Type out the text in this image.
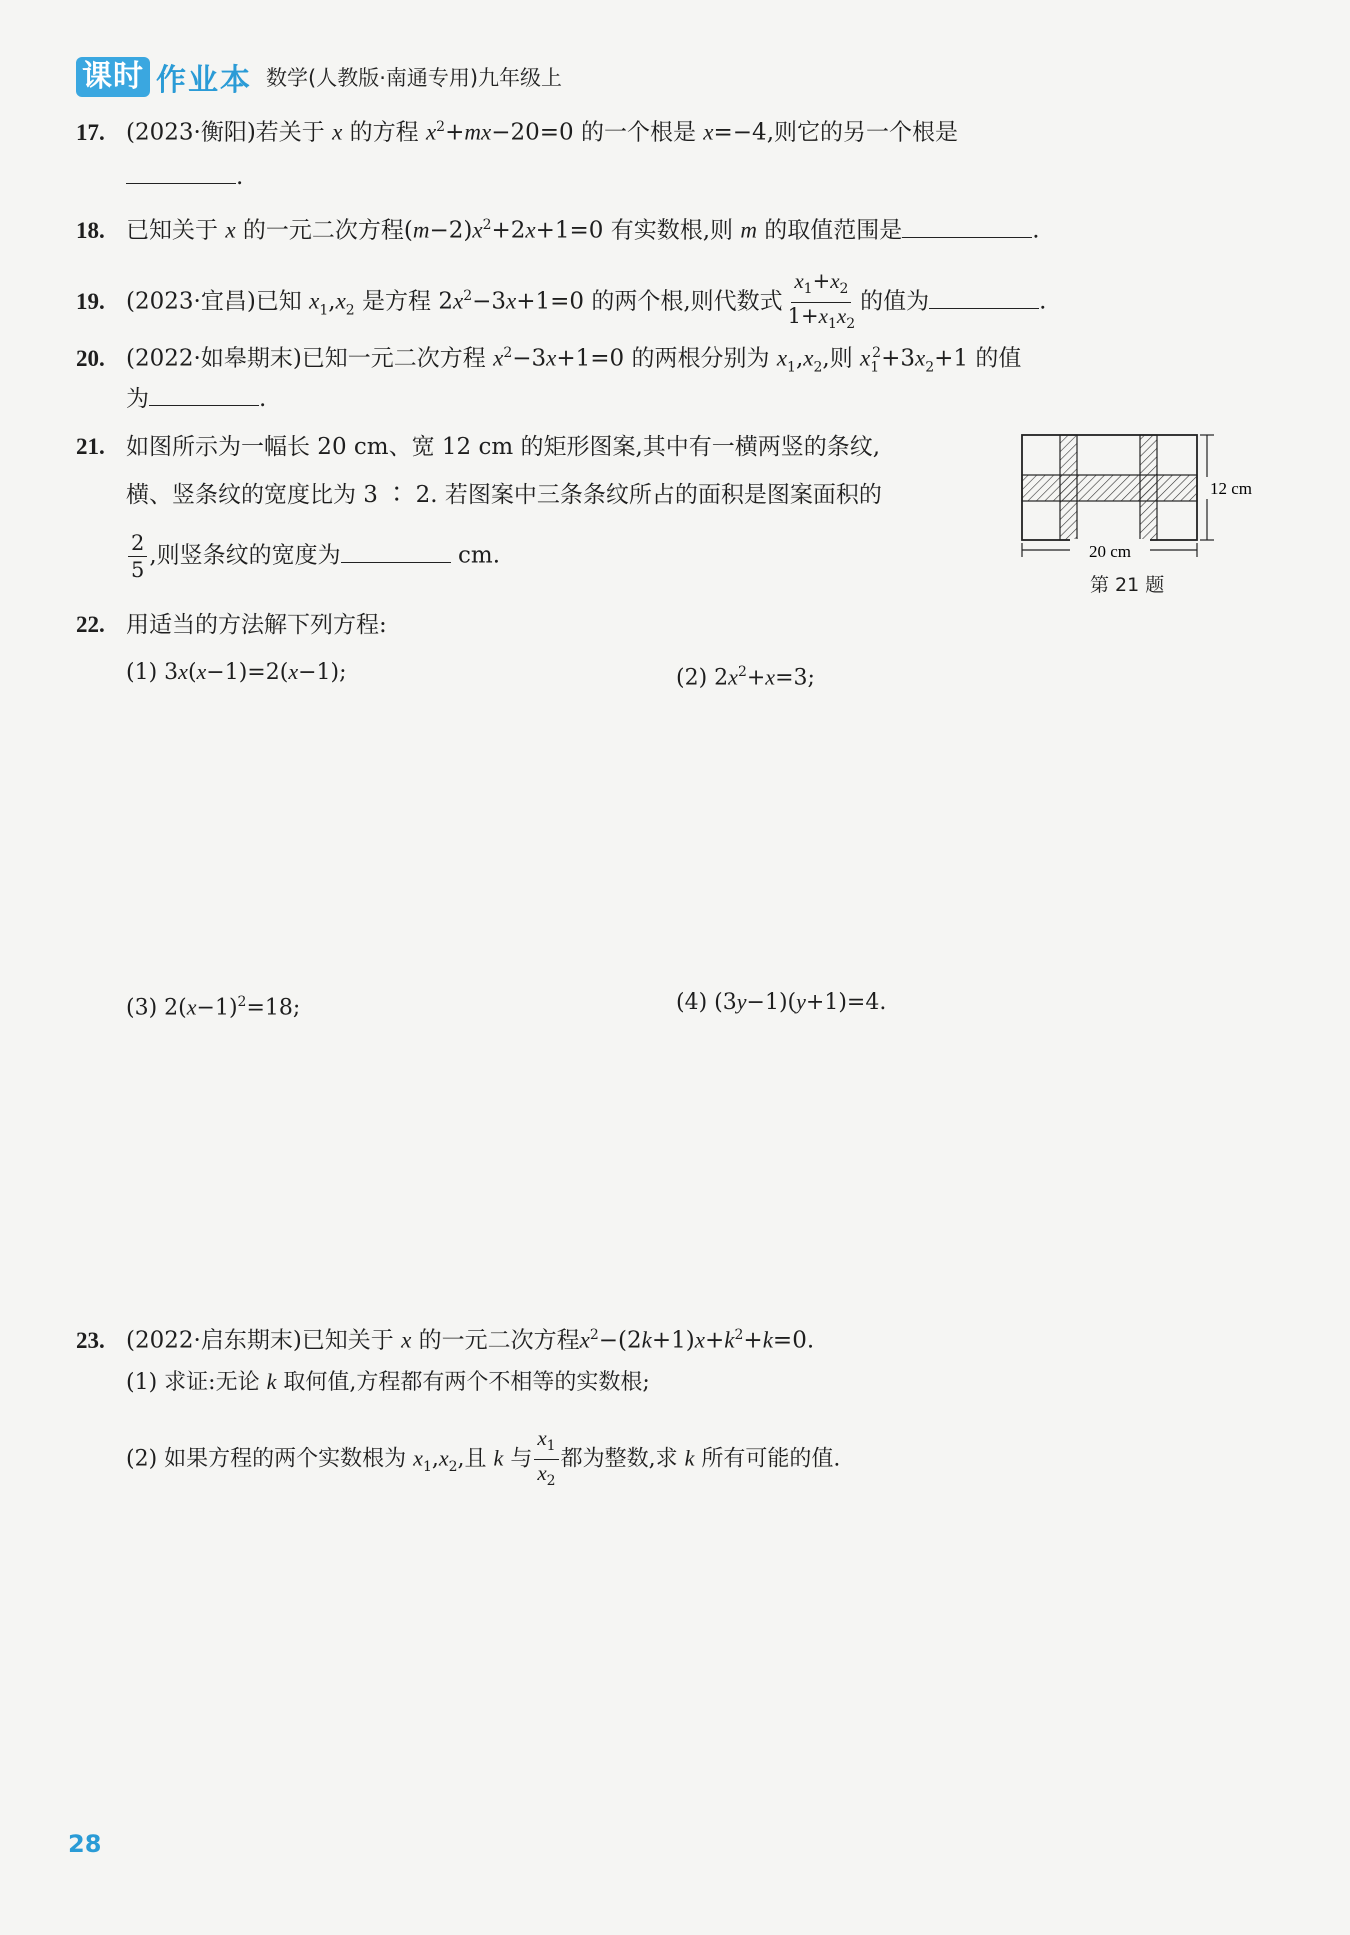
课时 作业本 数学(人教版·南通专用)九年级上
17. (2023·衡阳)若关于 x 的方程 $x^2+mx-20=0$ 的一个根是 x=−4,则它的另一个根是
.
18. 已知关于 x 的一元二次方程$(m-2)x^2+2x+1=0$ 有实数根,则 m 的取值范围是	.
19. (2023·宜昌)已知 $x_1,x_2$ 是方程 $2x^2-3x+1=0$ 的两个根,则代数式 $\frac{x_1+x_2}{1+x_1x_2}$ 的值为	.
20. (2022·如皋期末)已知一元二次方程 $x^2-3x+1=0$ 的两根分别为 $x_1,x_2$,则 $x_1^2+3x_2+1$ 的值
为	.
21. 如图所示为一幅长 20 cm、宽 12 cm 的矩形图案,其中有一横两竖的条纹,
横、竖条纹的宽度比为 3 ∶ 2. 若图案中三条条纹所占的面积是图案面积的
$\frac{2}{5}$ ,则竖条纹的宽度为	cm.	20 cm
12 cm
第 21 题
22. 用适当的方法解下列方程:
(1) 3x(x−1)=2(x−1);	(2) $2x^2+x=3$;
(3) $2(x-1)^2=18$;	(4) (3y−1)(y+1)=4.
23. (2022·启东期末)已知关于 x 的一元二次方程$x^2-(2k+1)x+k^2+k=0$.
(1) 求证:无论 k 取何值,方程都有两个不相等的实数根;
(2) 如果方程的两个实数根为 $x_1,x_2$,且 k 与 $\frac{x_1}{x_2}$ 都为整数,求 k 所有可能的值.
28
